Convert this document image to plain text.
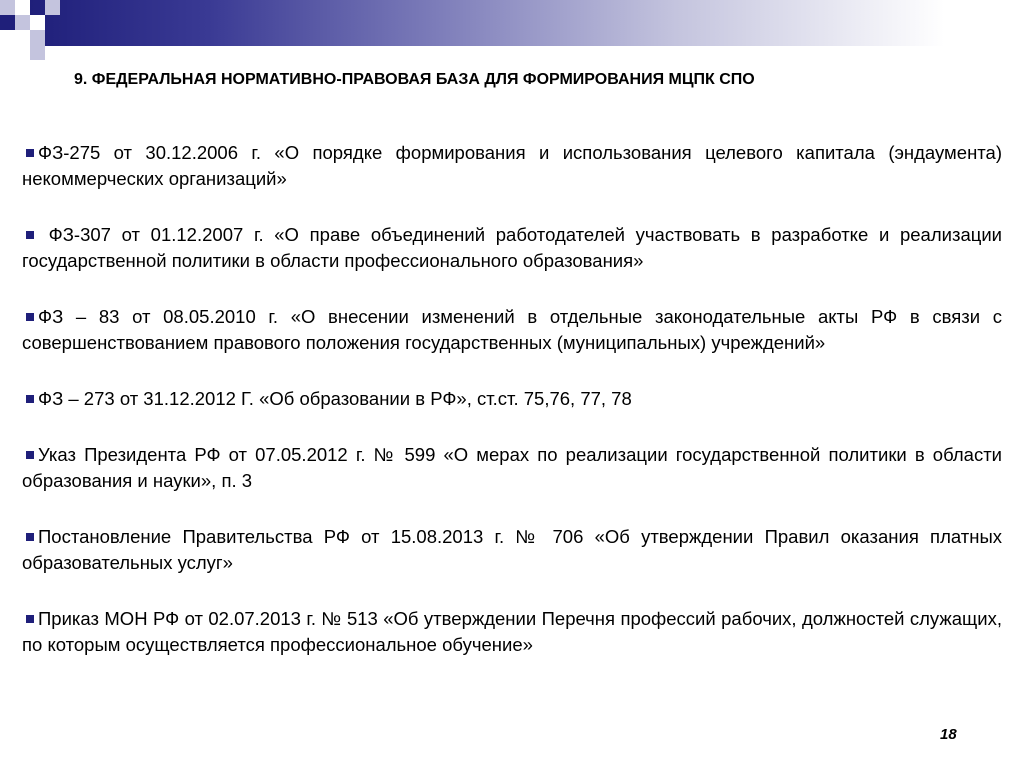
9. ФЕДЕРАЛЬНАЯ НОРМАТИВНО-ПРАВОВАЯ БАЗА ДЛЯ ФОРМИРОВАНИЯ МЦПК СПО

ФЗ-275 от 30.12.2006 г. «О порядке формирования и использования целевого капитала (эндаумента) некоммерческих организаций»

ФЗ-307 от 01.12.2007 г. «О праве объединений работодателей участвовать в разработке и реализации государственной политики в области профессионального образования»

ФЗ – 83 от 08.05.2010 г. «О внесении изменений в отдельные законодательные акты РФ в связи с совершенствованием правового положения государственных (муниципальных) учреждений»

ФЗ – 273 от 31.12.2012 Г. «Об образовании в РФ», ст.ст. 75,76, 77, 78

Указ Президента РФ от 07.05.2012 г. № 599 «О мерах по реализации государственной политики в области образования и науки», п. 3

Постановление Правительства РФ от 15.08.2013 г. № 706 «Об утверждении Правил оказания платных образовательных услуг»

Приказ МОН РФ от 02.07.2013 г. № 513 «Об утверждении Перечня профессий рабочих, должностей служащих, по которым осуществляется профессиональное обучение»

18
